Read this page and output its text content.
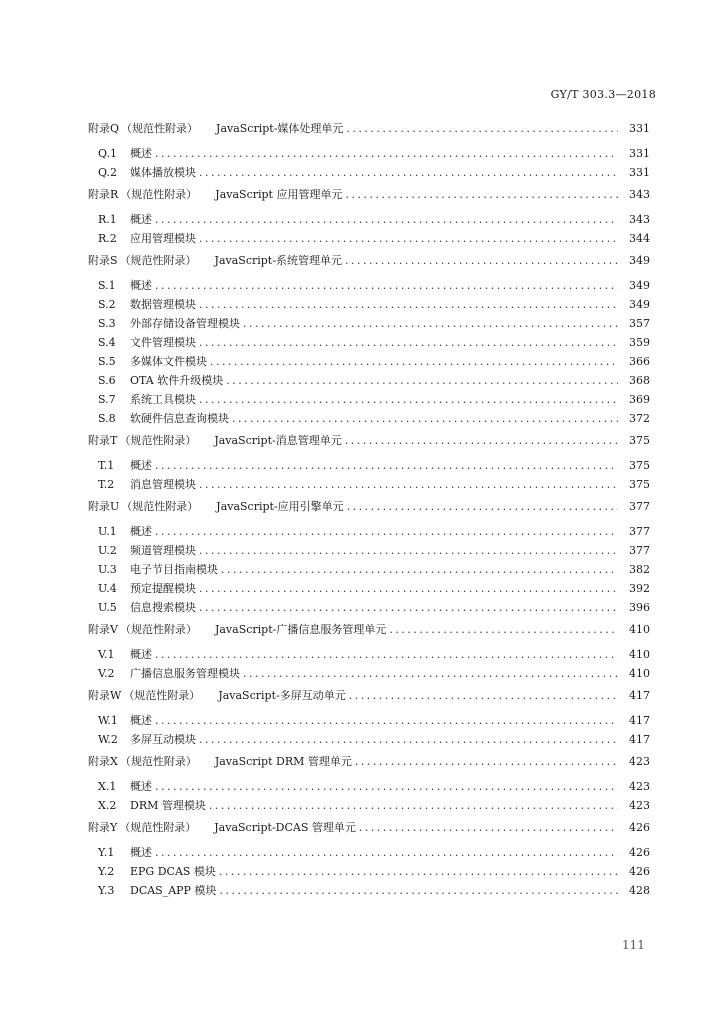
GY/T 303.3—2018
附录Q （规范性附录） JavaScript-媒体处理单元 .....	331
Q.1	概述 .....	331
Q.2	媒体播放模块 .....	331
附录R （规范性附录） JavaScript 应用管理单元 .....	343
R.1	概述 .....	343
R.2	应用管理模块 .....	344
附录S （规范性附录） JavaScript-系统管理单元 .....	349
S.1	概述 .....	349
S.2	数据管理模块 .....	349
S.3	外部存储设备管理模块 .....	357
S.4	文件管理模块 .....	359
S.5	多媒体文件模块 .....	366
S.6	OTA 软件升级模块 .....	368
S.7	系统工具模块 .....	369
S.8	软硬件信息查询模块 .....	372
附录T （规范性附录） JavaScript-消息管理单元 .....	375
T.1	概述 .....	375
T.2	消息管理模块 .....	375
附录U （规范性附录） JavaScript-应用引擎单元 .....	377
U.1	概述 .....	377
U.2	频道管理模块 .....	377
U.3	电子节目指南模块 .....	382
U.4	预定提醒模块 .....	392
U.5	信息搜索模块 .....	396
附录V （规范性附录） JavaScript-广播信息服务管理单元 .....	410
V.1	概述 .....	410
V.2	广播信息服务管理模块 .....	410
附录W （规范性附录） JavaScript-多屏互动单元 .....	417
W.1	概述 .....	417
W.2	多屏互动模块 .....	417
附录X （规范性附录） JavaScript DRM 管理单元 .....	423
X.1	概述 .....	423
X.2	DRM 管理模块 .....	423
附录Y （规范性附录） JavaScript-DCAS 管理单元 .....	426
Y.1	概述 .....	426
Y.2	EPG DCAS 模块 .....	426
Y.3	DCAS_APP 模块 .....	428
111
